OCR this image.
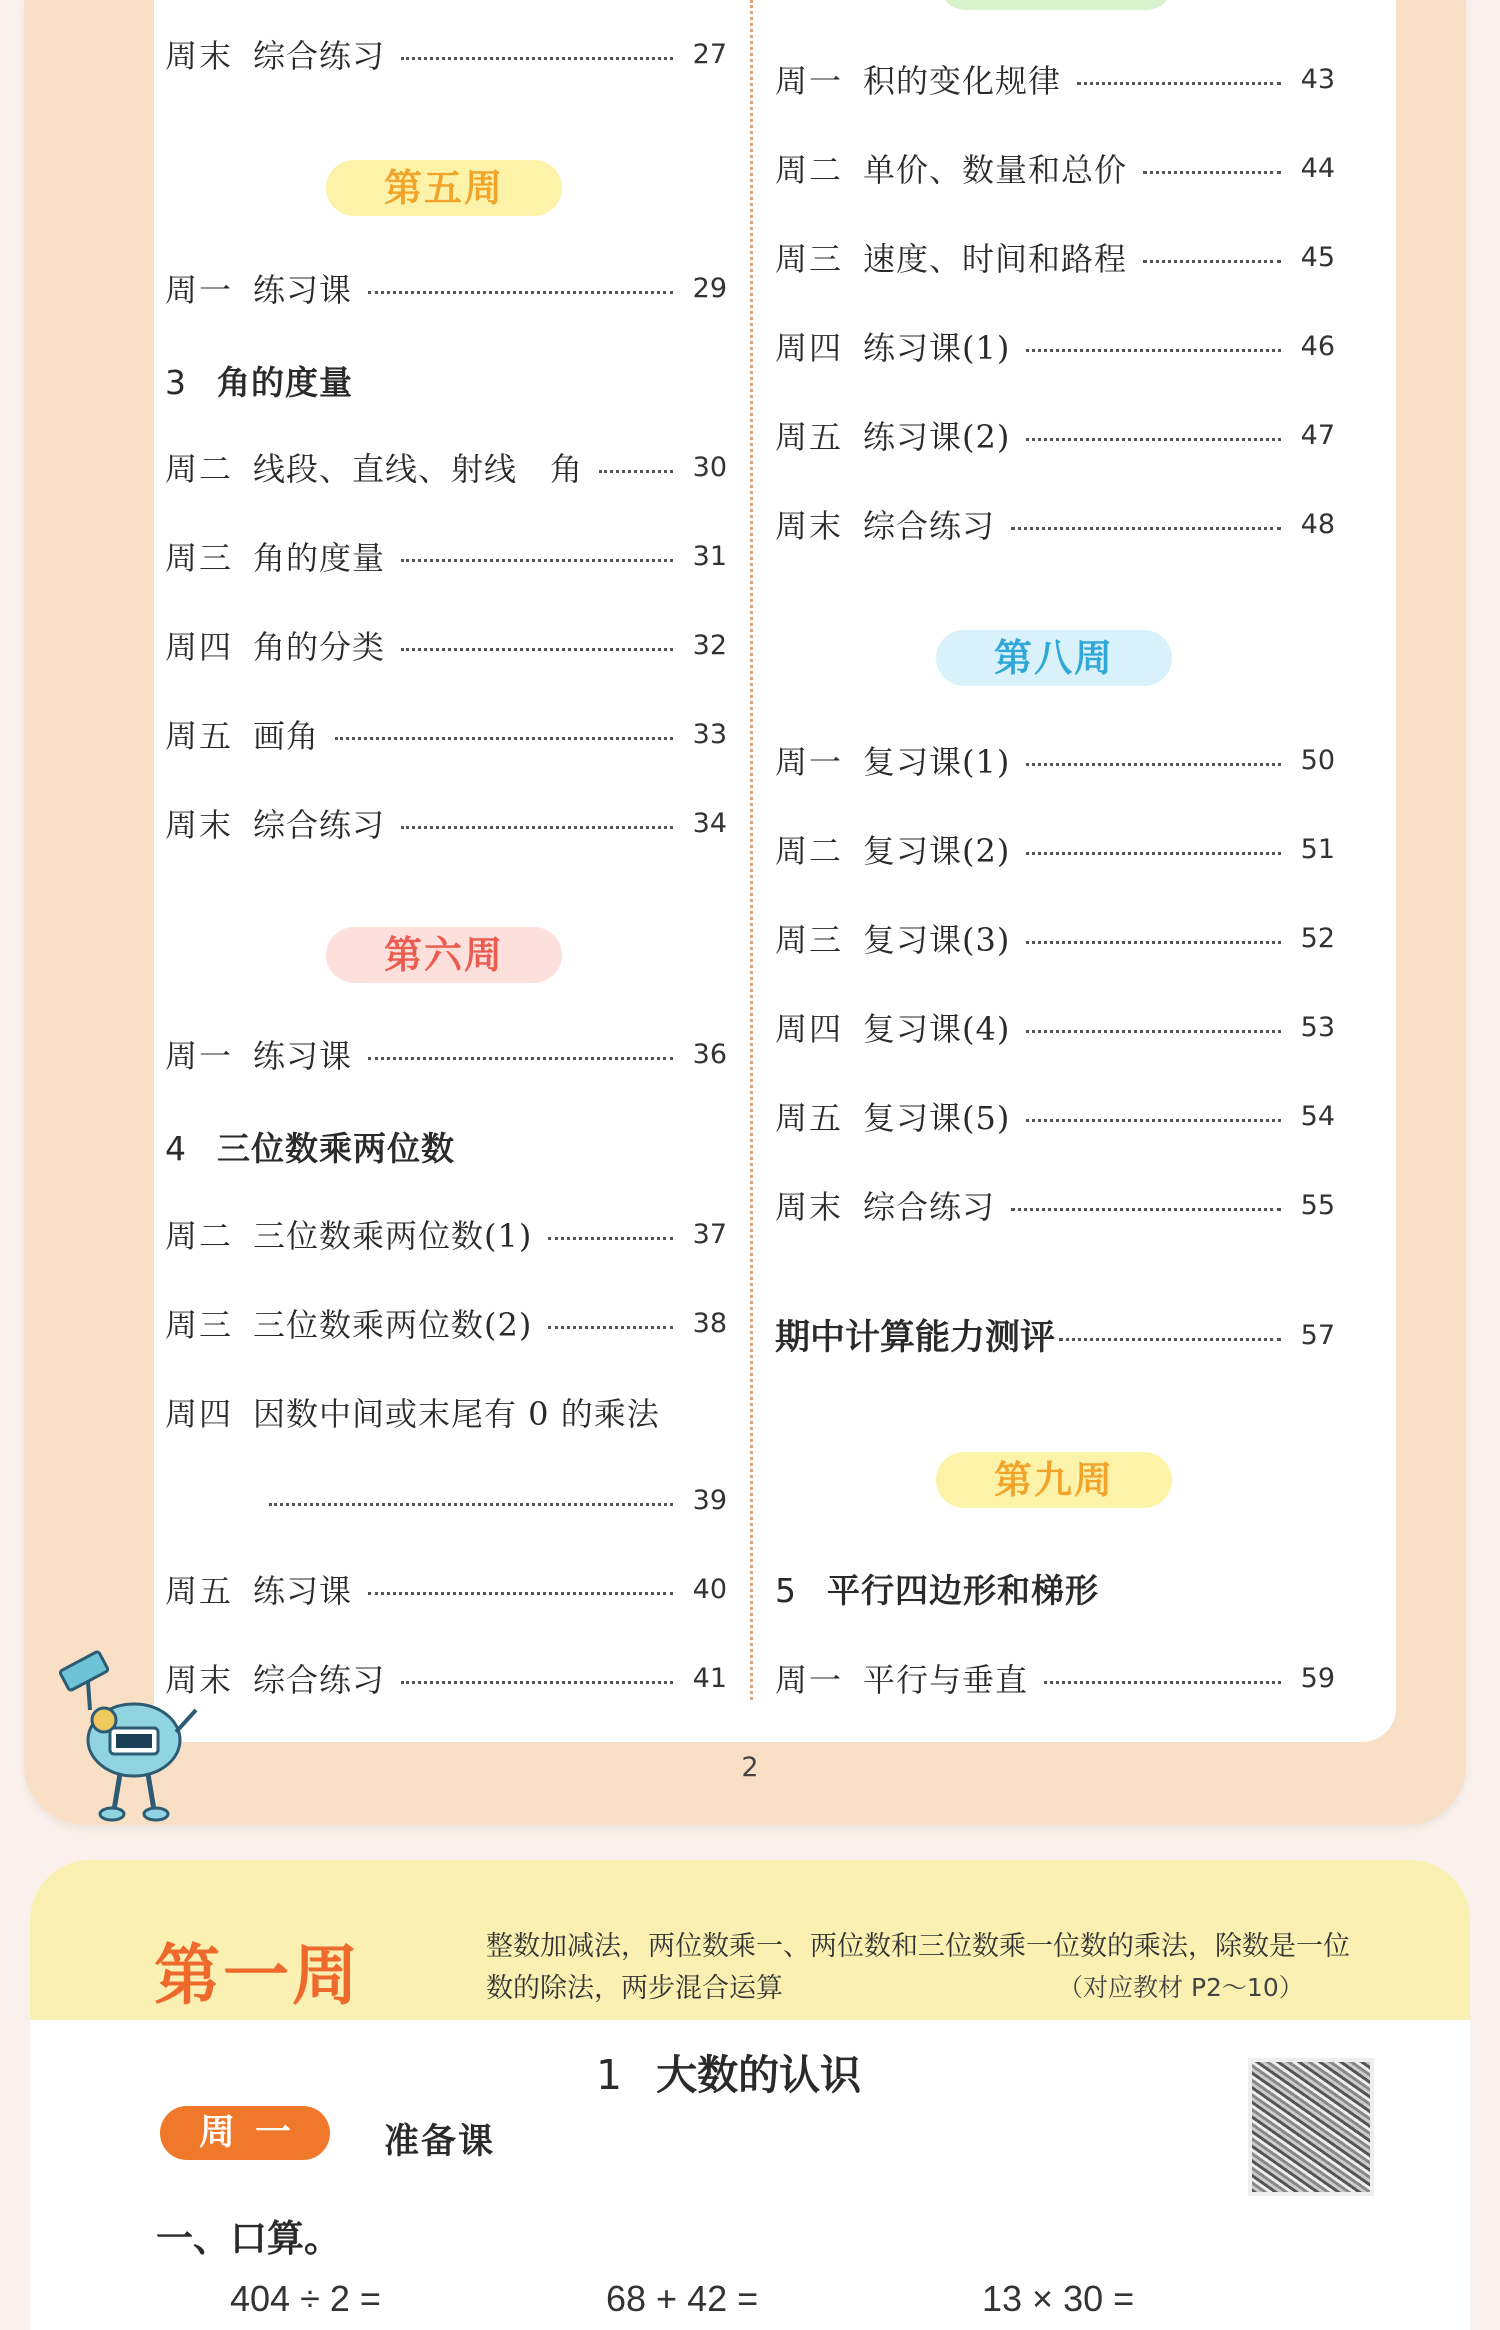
周末 综合练习	27
第五周
周一 练习课	29
3 角的度量
周二 线段、直线、射线　角	30
周三 角的度量	31
周四 角的分类	32
周五 画角	33
周末 综合练习	34
第六周
周一 练习课	36
4 三位数乘两位数
周二 三位数乘两位数(1)	37
周三 三位数乘两位数(2)	38
周四 因数中间或末尾有 0 的乘法
39
周五 练习课	40
周末 综合练习	41
周一 积的变化规律	43
周二 单价、数量和总价	44
周三 速度、时间和路程	45
周四 练习课(1)	46
周五 练习课(2)	47
周末 综合练习	48
第八周
周一 复习课(1)	50
周二 复习课(2)	51
周三 复习课(3)	52
周四 复习课(4)	53
周五 复习课(5)	54
周末 综合练习	55
期中计算能力测评	57
第九周
5 平行四边形和梯形
周一 平行与垂直	59
2
第一周	整数加减法，两位数乘一、两位数和三位数乘一位数的乘法，除数是一位数的除法，两步混合运算	（对应教材 P2～10）
1 大数的认识
周一	准备课
一、口算。
404 ÷ 2 =	68 + 42 =	13 × 30 =
